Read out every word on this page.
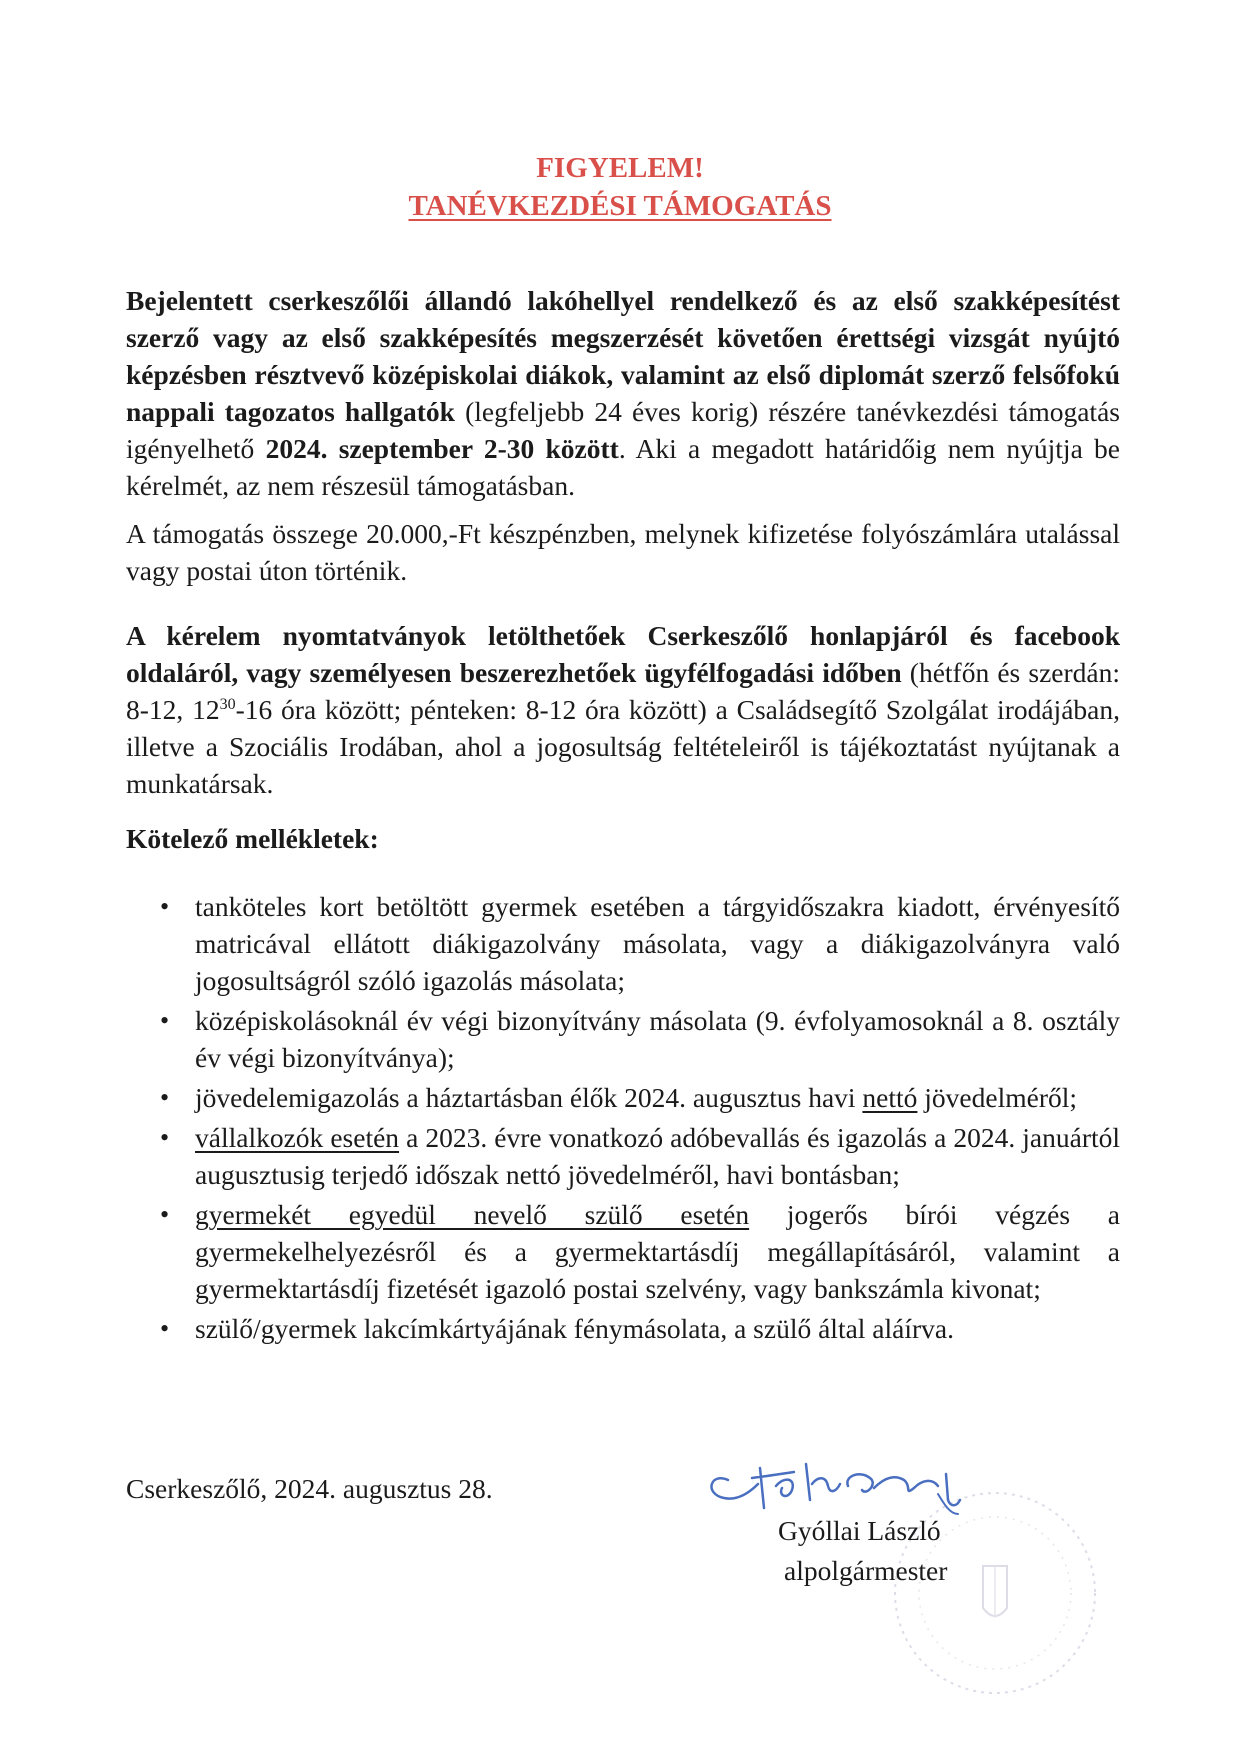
FIGYELEM!
TANÉVKEZDÉSI TÁMOGATÁS

Bejelentett cserkeszőlői állandó lakóhellyel rendelkező és az első szakképesítést szerző vagy az első szakképesítés megszerzését követően érettségi vizsgát nyújtó képzésben résztvevő középiskolai diákok, valamint az első diplomát szerző felsőfokú nappali tagozatos hallgatók (legfeljebb 24 éves korig) részére tanévkezdési támogatás igényelhető 2024. szeptember 2-30 között. Aki a megadott határidőig nem nyújtja be kérelmét, az nem részesül támogatásban.

A támogatás összege 20.000,-Ft készpénzben, melynek kifizetése folyószámlára utalással vagy postai úton történik.

A kérelem nyomtatványok letölthetőek Cserkeszőlő honlapjáról és facebook oldaláról, vagy személyesen beszerezhetőek ügyfélfogadási időben (hétfőn és szerdán: 8-12, $12^{30}-16$ óra között; pénteken: 8-12 óra között) a Családsegítő Szolgálat irodájában, illetve a Szociális Irodában, ahol a jogosultság feltételeiről is tájékoztatást nyújtanak a munkatársak.

Kötelező mellékletek:
• tanköteles kort betöltött gyermek esetében a tárgyidőszakra kiadott, érvényesítő matricával ellátott diákigazolvány másolata, vagy a diákigazolványra való jogosultságról szóló igazolás másolata;
• középiskolásoknál év végi bizonyítvány másolata (9. évfolyamosoknál a 8. osztály év végi bizonyítványa);
• jövedelemigazolás a háztartásban élők 2024. augusztus havi nettó jövedelméről;
• vállalkozók esetén a 2023. évre vonatkozó adóbevallás és igazolás a 2024. januártól augusztusig terjedő időszak nettó jövedelméről, havi bontásban;
• gyermekét egyedül nevelő szülő esetén jogerős bírói végzés a gyermekelhelyezésről és a gyermektartásdíj megállapításáról, valamint a gyermektartásdíj fizetését igazoló postai szelvény, vagy bankszámla kivonat;
• szülő/gyermek lakcímkártyájának fénymásolata, a szülő által aláírva.
Cserkeszőlő, 2024. augusztus 28.
Gyóllai László
alpolgármester
